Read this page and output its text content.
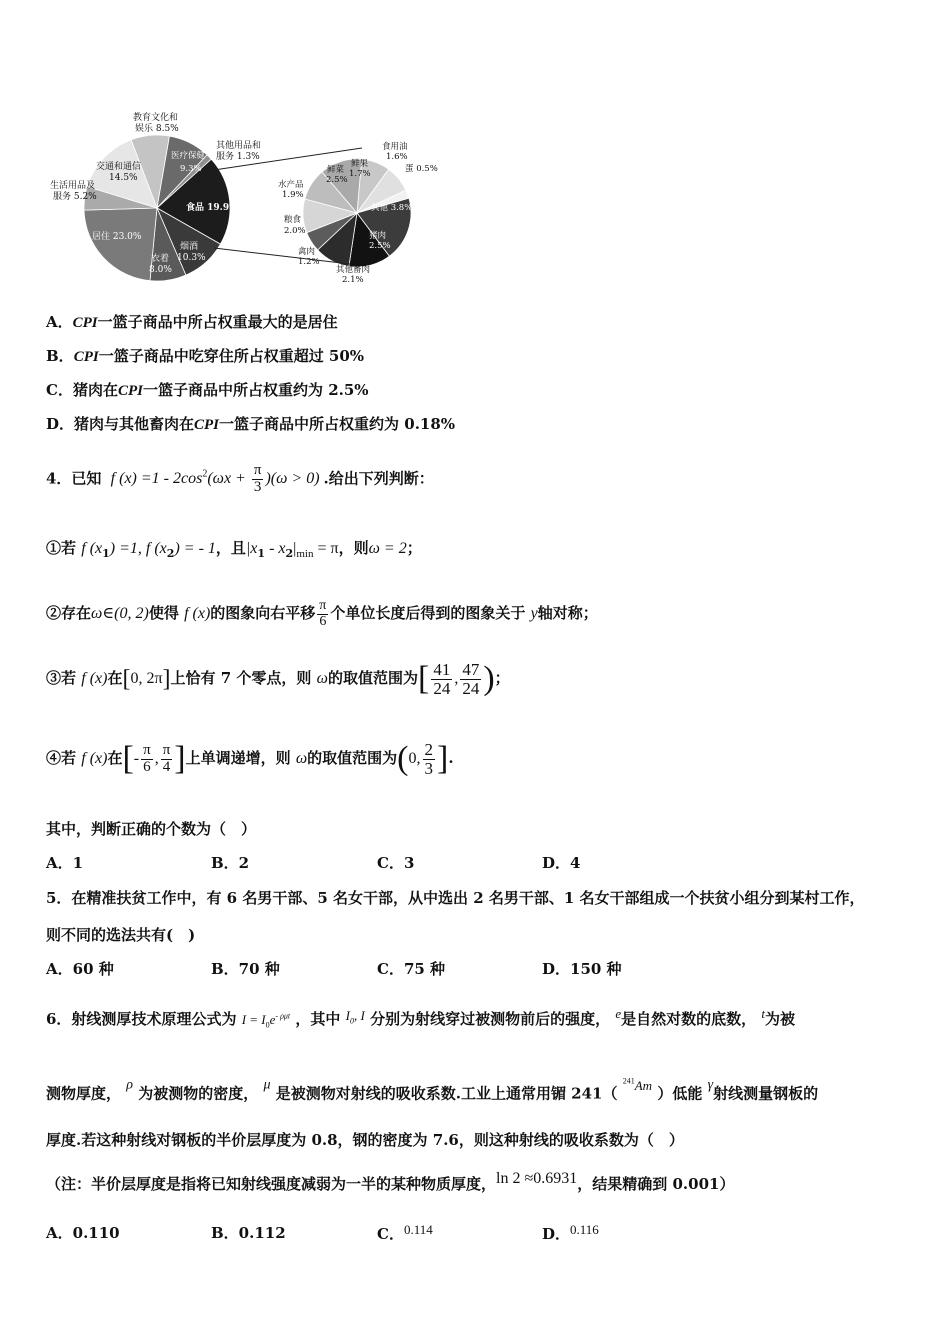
教育文化和
娱乐 8.5%
其他用品和
服务 1.3%
医疗保健
9.3%
交通和通信
14.5%
生活用品及
服务 5.2%
食品 19.9%
居住 23.0%
烟酒
10.3%
衣着
8.0%
食用油
1.6%
鲜果
1.7%	蛋 0.5%
鲜菜
2.5%
水产品
1.9%
其他 3.8%
粮食
2.0%	猪肉
2.5%
禽肉
1.2%
其他畜肉
2.1%
A．CPI一篮子商品中所占权重最大的是居住
B．CPI一篮子商品中吃穿住所占权重超过 50%
C．猪肉在CPI一篮子商品中所占权重约为 2.5%
D．猪肉与其他畜肉在CPI一篮子商品中所占权重约为 0.18%
4．已知 f $(x) =1 - 2\cos^2(\omega x + \frac{\pi}{3} )(\omega > 0)$ .给出下列判断：
①若 f $(x_1) =1$, f $(x_2)$ = - 1，且$|x_1 - x_2|_{min} = \pi$，则ω = 2；
②存在ω∈(0, 2)使得 f (x)的图象向右平移 $\frac{\pi}{6}$ 个单位长度后得到的图象关于 y轴对称；
③若 f (x)在[0, 2π]上恰有 7 个零点，则 ω的取值范围为[ $\frac{41}{24}$ , $\frac{47}{24}$ )；
④若 f (x)在[- $\frac{\pi}{6}$ , $\frac{\pi}{4}$ ]上单调递增，则 ω的取值范围为(0, $\frac{2}{3}$ ].
其中，判断正确的个数为（　）
A．1	B．2	C．3	D．4
5．在精准扶贫工作中，有 6 名男干部、5 名女干部，从中选出 2 名男干部、1 名女干部组成一个扶贫小组分到某村工作，
则不同的选法共有(　)
A．60 种	B．70 种	C．75 种	D．150 种
6．射线测厚技术原理公式为 $I = I_0e^{- \rho\mu t}$ ，其中 $I_0$, I 分别为射线穿过被测物前后的强度， e是自然对数的底数， t为被
测物厚度， ρ 为被测物的密度， μ 是被测物对射线的吸收系数.工业上通常用镅 241（ $^{241}$Am ）低能 γ射线测量钢板的
厚度.若这种射线对钢板的半价层厚度为 0.8，钢的密度为 7.6，则这种射线的吸收系数为（　）
（注：半价层厚度是指将已知射线强度减弱为一半的某种物质厚度，ln 2 ≈0.6931，结果精确到 0.001）
A．0.110	B．0.112	C．0.114	D．0.116
